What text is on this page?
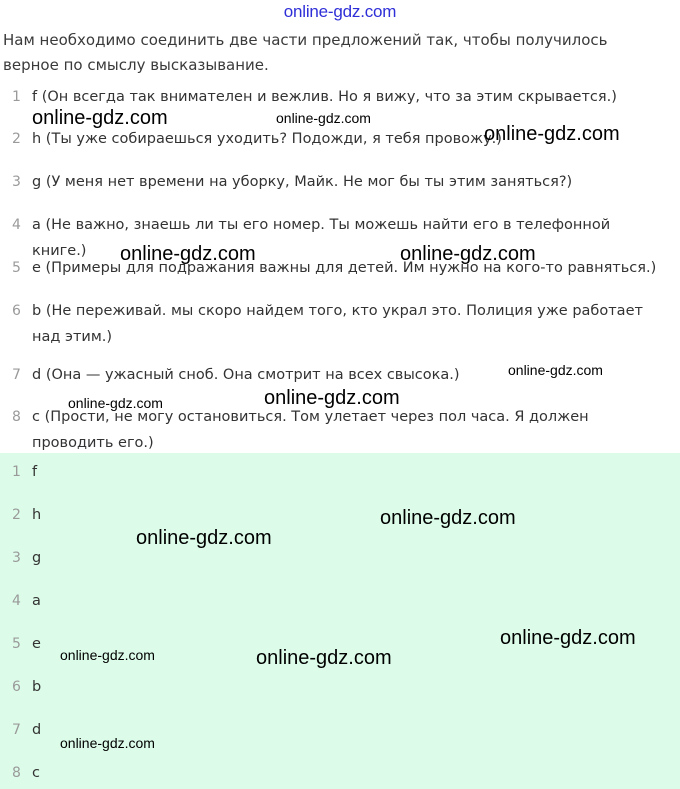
online-gdz.com
Нам необходимо соединить две части предложений так, чтобы получилось верное по смыслу высказывание.
1 f (Он всегда так внимателен и вежлив. Но я вижу, что за этим скрывается.)
2 h (Ты уже собираешься уходить? Подожди, я тебя провожу.)
3 g (У меня нет времени на уборку, Майк. Не мог бы ты этим заняться?)
4 a (Не важно, знаешь ли ты его номер. Ты можешь найти его в телефонной книге.)
5 e (Примеры для подражания важны для детей. Им нужно на кого-то равняться.)
6 b (Не переживай. мы скоро найдем того, кто украл это. Полиция уже работает над этим.)
7 d (Она — ужасный сноб. Она смотрит на всех свысока.)
8 c (Прости, не могу остановиться. Том улетает через пол часа. Я должен проводить его.)
1 f
2 h
3 g
4 a
5 e
6 b
7 d
8 c
online-gdz.com	online-gdz.com
online-gdz.com
online-gdz.com	online-gdz.com
online-gdz.com
online-gdz.com
online-gdz.com
online-gdz.com
online-gdz.com
online-gdz.com
online-gdz.com	online-gdz.com
online-gdz.com
